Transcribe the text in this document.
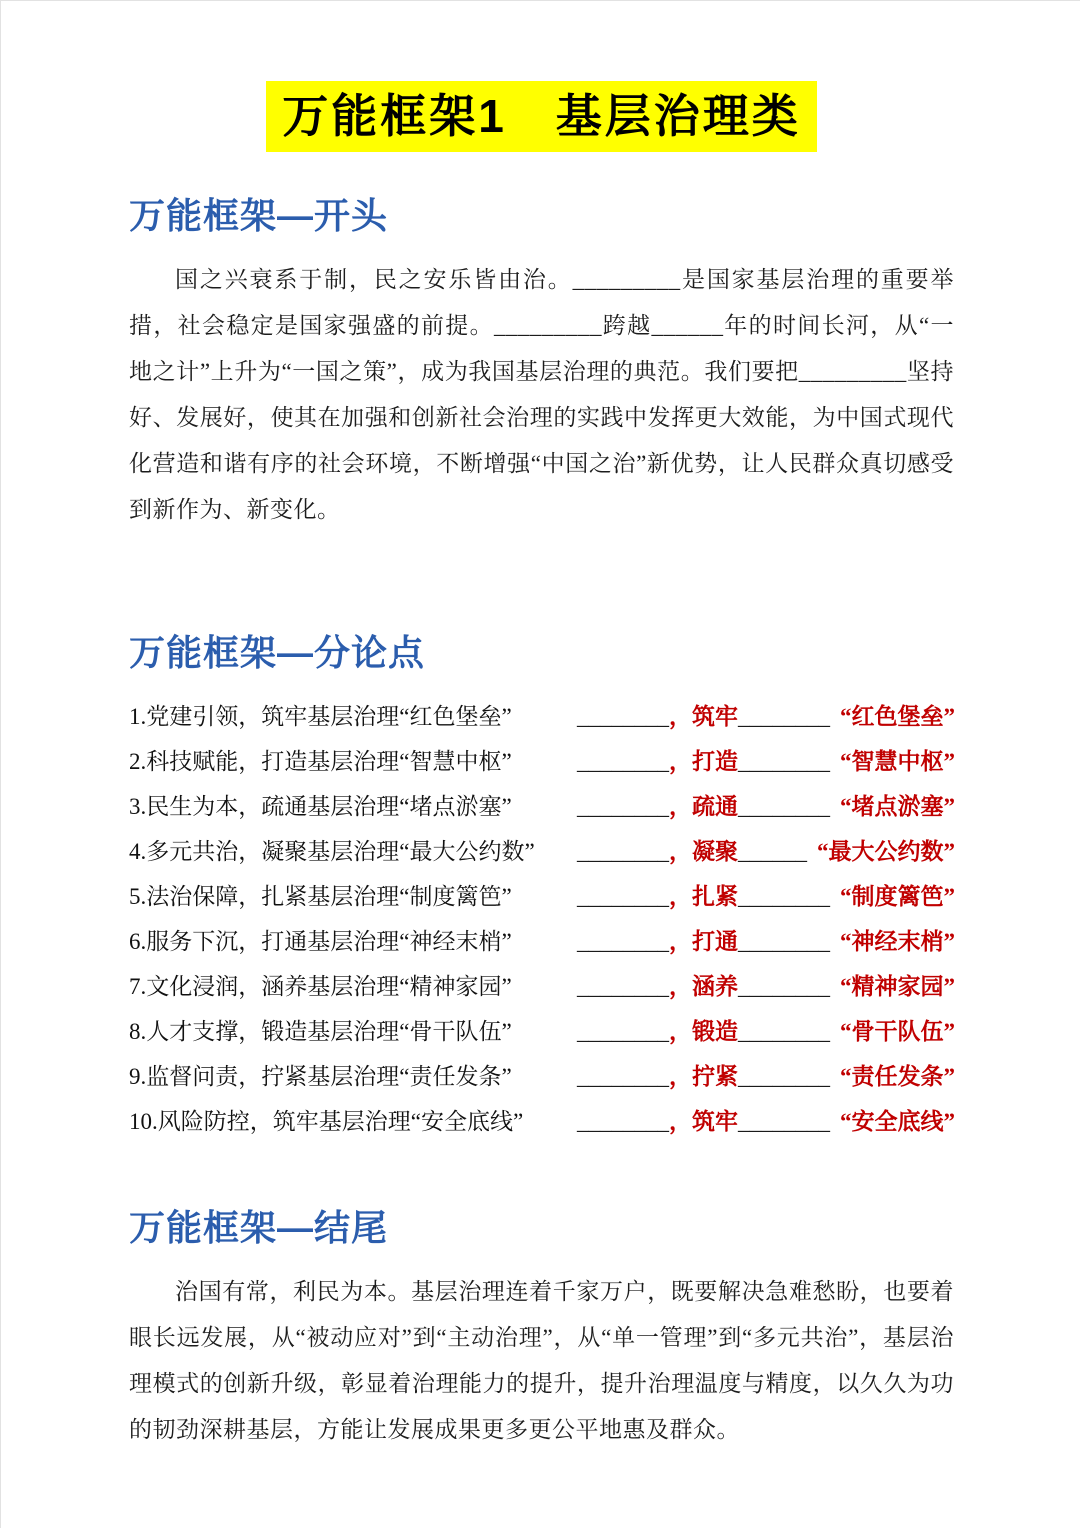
万能框架1　基层治理类
万能框架—开头

国之兴衰系于制，民之安乐皆由治。_________是国家基层治理的重要举措，社会稳定是国家强盛的前提。_________跨越______年的时间长河，从“一地之计”上升为“一国之策”，成为我国基层治理的典范。我们要把_________坚持好、发展好，使其在加强和创新社会治理的实践中发挥更大效能，为中国式现代化营造和谐有序的社会环境，不断增强“中国之治”新优势，让人民群众真切感受到新作为、新变化。

万能框架—分论点
1.党建引领，筑牢基层治理“红色堡垒”	________，筑牢________ “红色堡垒”
2.科技赋能，打造基层治理“智慧中枢”	________，打造________ “智慧中枢”
3.民生为本，疏通基层治理“堵点淤塞”	________，疏通________ “堵点淤塞”
4.多元共治，凝聚基层治理“最大公约数”	________，凝聚______ “最大公约数”
5.法治保障，扎紧基层治理“制度篱笆”	________，扎紧________ “制度篱笆”
6.服务下沉，打通基层治理“神经末梢”	________，打通________ “神经末梢”
7.文化浸润，涵养基层治理“精神家园”	________，涵养________ “精神家园”
8.人才支撑，锻造基层治理“骨干队伍”	________，锻造________ “骨干队伍”
9.监督问责，拧紧基层治理“责任发条”	________，拧紧________ “责任发条”
10.风险防控，筑牢基层治理“安全底线”	________，筑牢________ “安全底线”
万能框架—结尾

治国有常，利民为本。基层治理连着千家万户，既要解决急难愁盼，也要着眼长远发展，从“被动应对”到“主动治理”，从“单一管理”到“多元共治”，基层治理模式的创新升级，彰显着治理能力的提升，提升治理温度与精度，以久久为功的韧劲深耕基层，方能让发展成果更多更公平地惠及群众。
